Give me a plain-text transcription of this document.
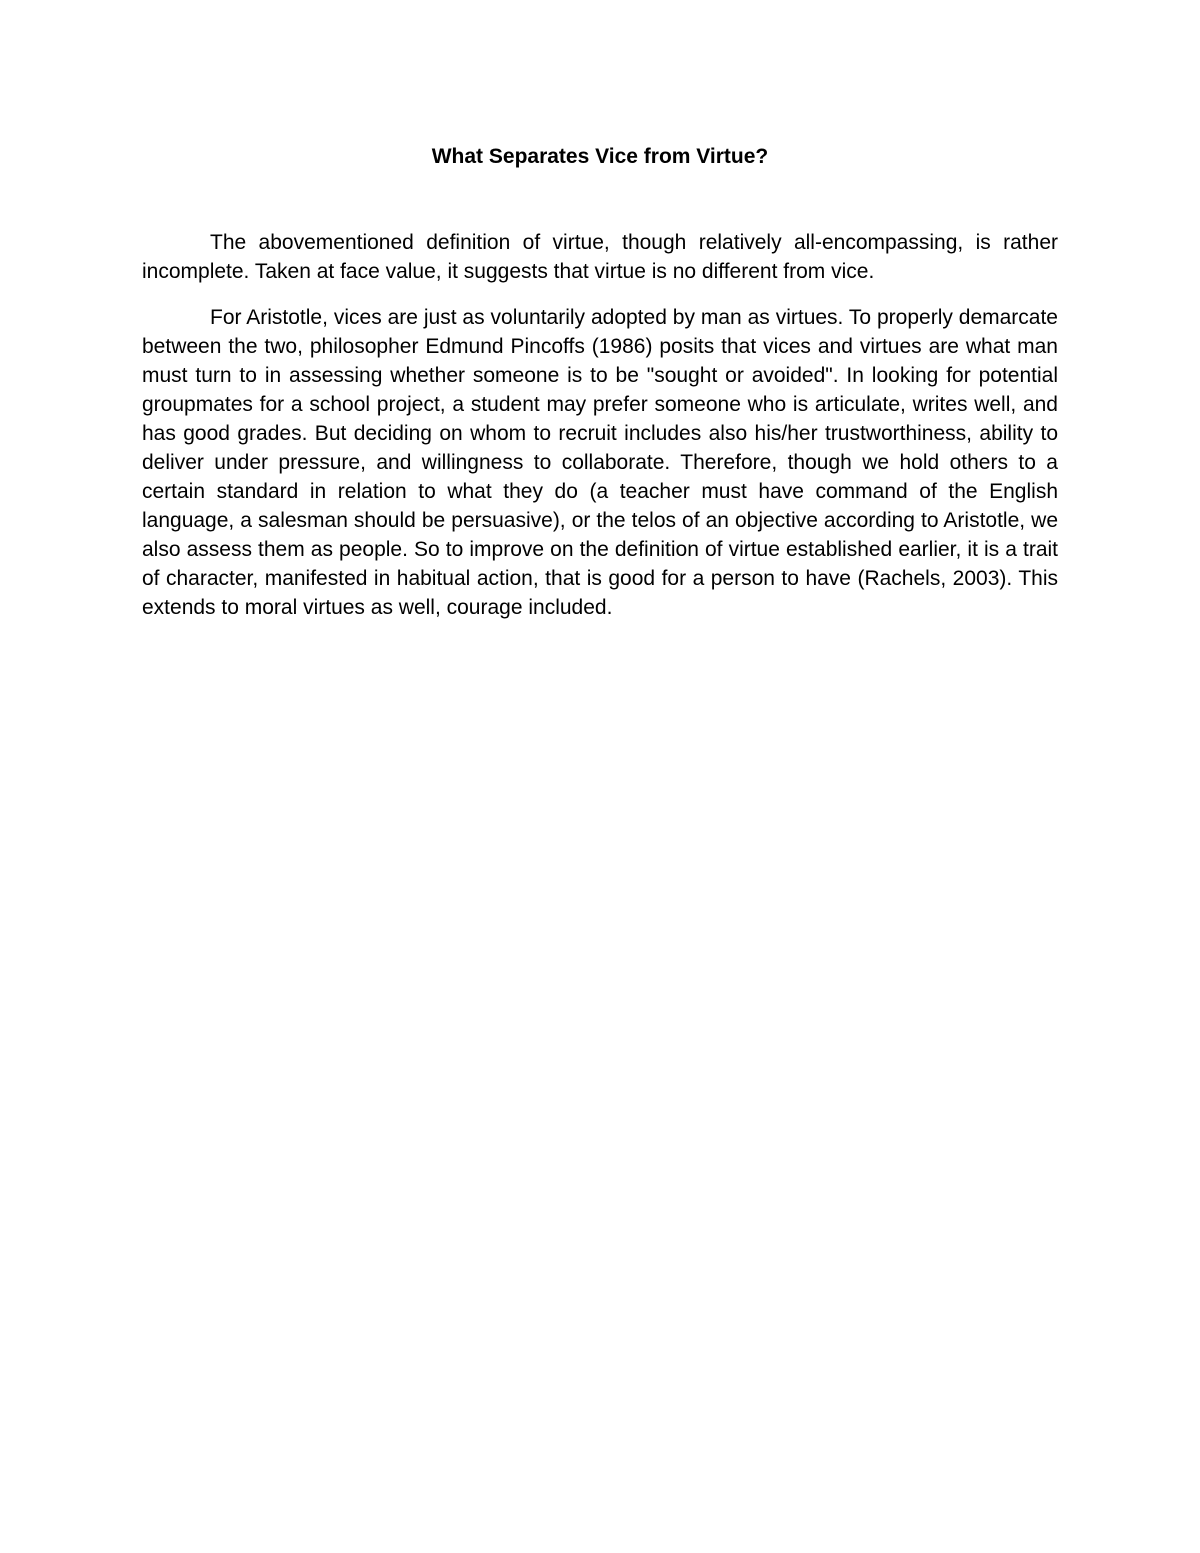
What Separates Vice from Virtue?

The abovementioned definition of virtue, though relatively all-encompassing, is rather incomplete. Taken at face value, it suggests that virtue is no different from vice.

For Aristotle, vices are just as voluntarily adopted by man as virtues. To properly demarcate between the two, philosopher Edmund Pincoffs (1986) posits that vices and virtues are what man must turn to in assessing whether someone is to be "sought or avoided". In looking for potential groupmates for a school project, a student may prefer someone who is articulate, writes well, and has good grades. But deciding on whom to recruit includes also his/her trustworthiness, ability to deliver under pressure, and willingness to collaborate. Therefore, though we hold others to a certain standard in relation to what they do (a teacher must have command of the English language, a salesman should be persuasive), or the telos of an objective according to Aristotle, we also assess them as people. So to improve on the definition of virtue established earlier, it is a trait of character, manifested in habitual action, that is good for a person to have (Rachels, 2003). This extends to moral virtues as well, courage included.
